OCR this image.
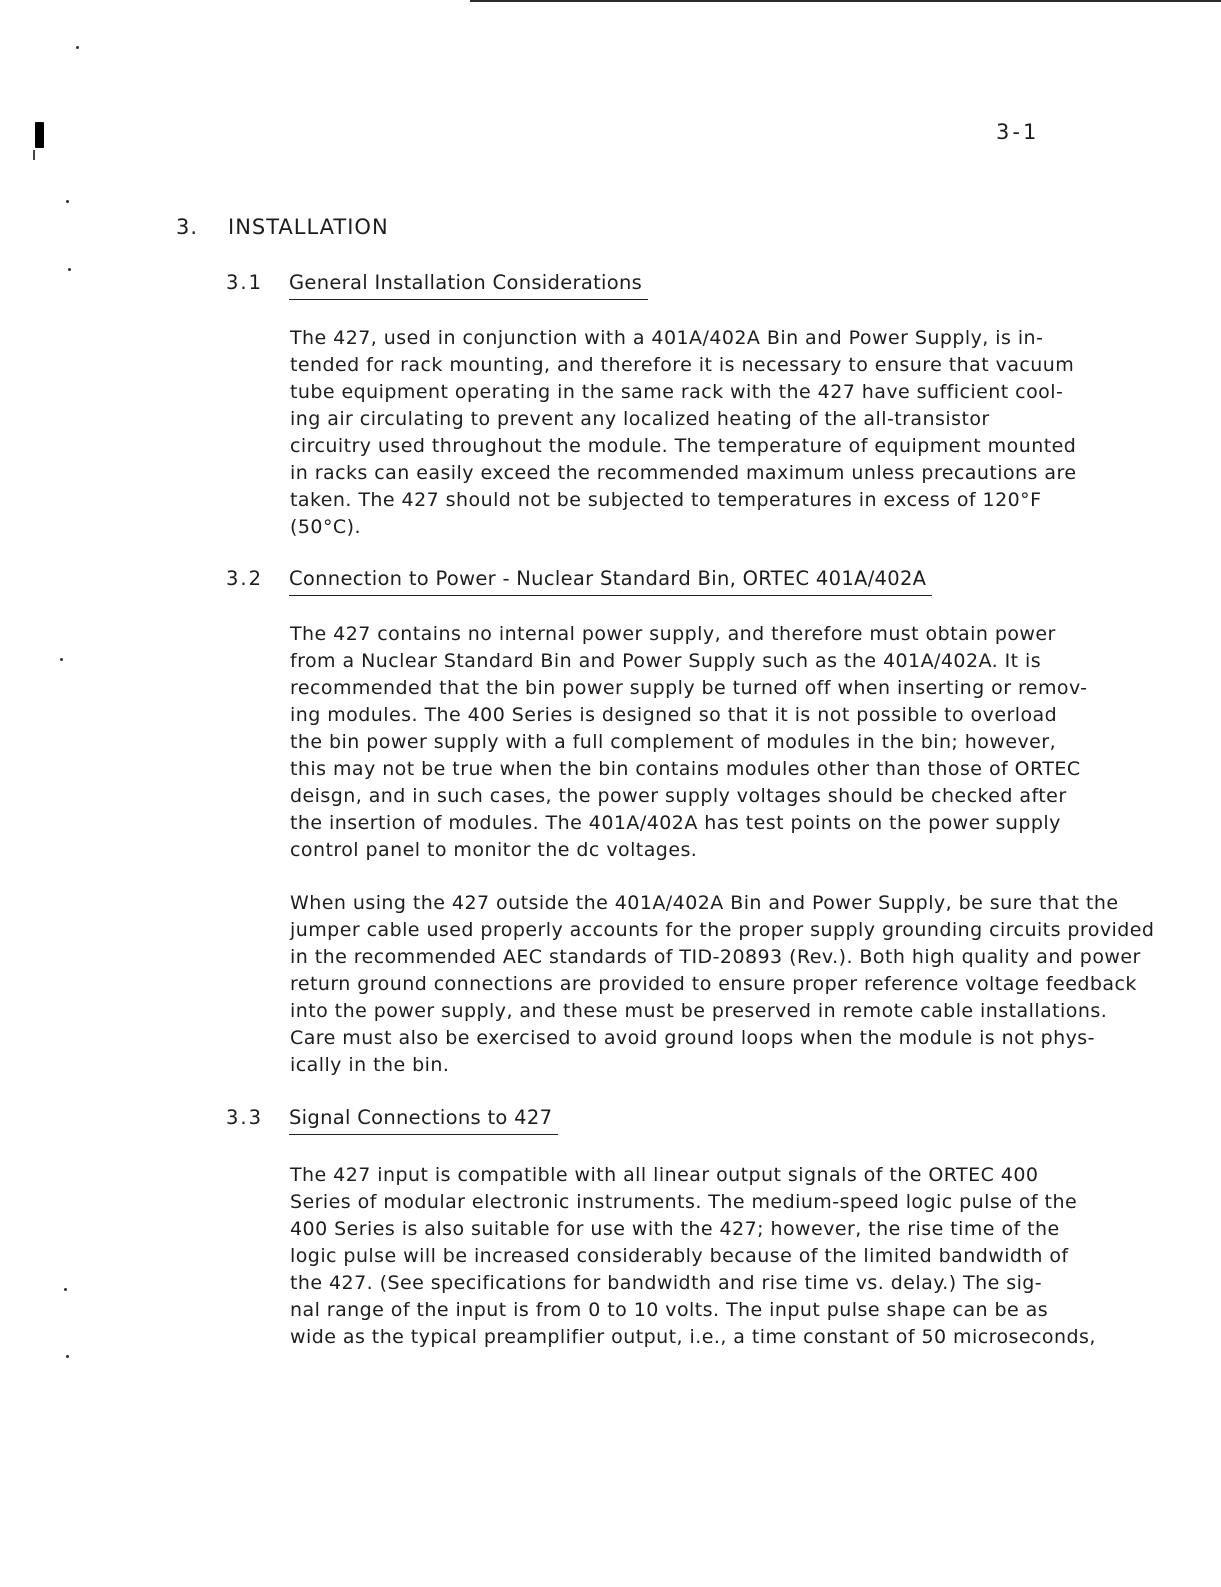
3-1
3.	INSTALLATION
3.1	General Installation Considerations
The 427, used in conjunction with a 401A/402A Bin and Power Supply, is in-
tended for rack mounting, and therefore it is necessary to ensure that vacuum
tube equipment operating in the same rack with the 427 have sufficient cool-
ing air circulating to prevent any localized heating of the all-transistor
circuitry used throughout the module. The temperature of equipment mounted
in racks can easily exceed the recommended maximum unless precautions are
taken. The 427 should not be subjected to temperatures in excess of 120°F
(50°C).
3.2	Connection to Power - Nuclear Standard Bin, ORTEC 401A/402A
The 427 contains no internal power supply, and therefore must obtain power
from a Nuclear Standard Bin and Power Supply such as the 401A/402A. It is
recommended that the bin power supply be turned off when inserting or remov-
ing modules. The 400 Series is designed so that it is not possible to overload
the bin power supply with a full complement of modules in the bin; however,
this may not be true when the bin contains modules other than those of ORTEC
deisgn, and in such cases, the power supply voltages should be checked after
the insertion of modules. The 401A/402A has test points on the power supply
control panel to monitor the dc voltages.
When using the 427 outside the 401A/402A Bin and Power Supply, be sure that the
jumper cable used properly accounts for the proper supply grounding circuits provided
in the recommended AEC standards of TID-20893 (Rev.). Both high quality and power
return ground connections are provided to ensure proper reference voltage feedback
into the power supply, and these must be preserved in remote cable installations.
Care must also be exercised to avoid ground loops when the module is not phys-
ically in the bin.
3.3	Signal Connections to 427
The 427 input is compatible with all linear output signals of the ORTEC 400
Series of modular electronic instruments. The medium-speed logic pulse of the
400 Series is also suitable for use with the 427; however, the rise time of the
logic pulse will be increased considerably because of the limited bandwidth of
the 427. (See specifications for bandwidth and rise time vs. delay.) The sig-
nal range of the input is from 0 to 10 volts. The input pulse shape can be as
wide as the typical preamplifier output, i.e., a time constant of 50 microseconds,
